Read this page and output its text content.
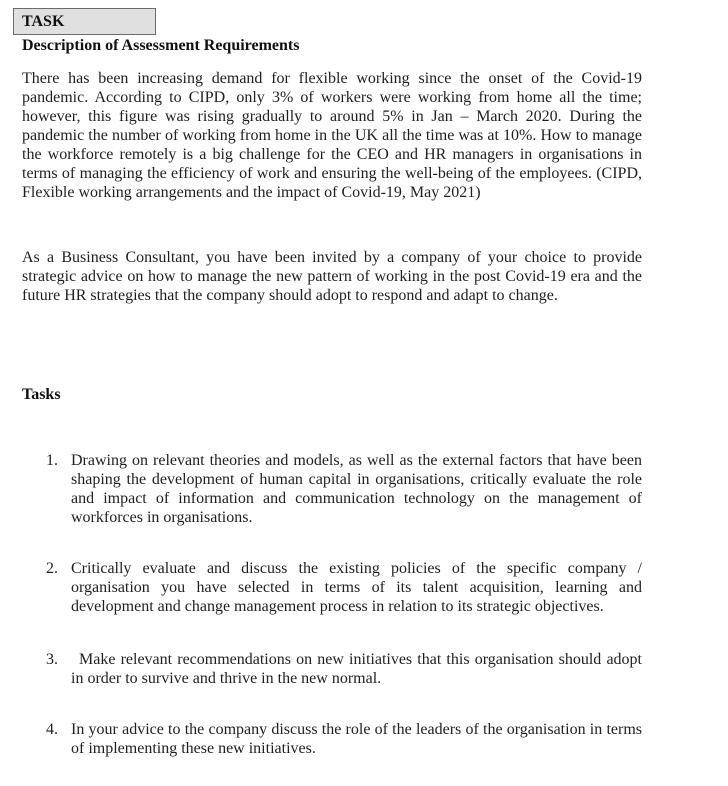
TASK
Description of Assessment Requirements

There has been increasing demand for flexible working since the onset of the Covid-19 pandemic. According to CIPD, only 3% of workers were working from home all the time; however, this figure was rising gradually to around 5% in Jan – March 2020. During the pandemic the number of working from home in the UK all the time was at 10%. How to manage the workforce remotely is a big challenge for the CEO and HR managers in organisations in terms of managing the efficiency of work and ensuring the well-being of the employees. (CIPD, Flexible working arrangements and the impact of Covid-19, May 2021)

As a Business Consultant, you have been invited by a company of your choice to provide strategic advice on how to manage the new pattern of working in the post Covid-19 era and the future HR strategies that the company should adopt to respond and adapt to change.

Tasks
1. Drawing on relevant theories and models, as well as the external factors that have been shaping the development of human capital in organisations, critically evaluate the role and impact of information and communication technology on the management of workforces in organisations.
2. Critically evaluate and discuss the existing policies of the specific company / organisation you have selected in terms of its talent acquisition, learning and development and change management process in relation to its strategic objectives.
3.	Make relevant recommendations on new initiatives that this organisation should adopt in order to survive and thrive in the new normal.
4. In your advice to the company discuss the role of the leaders of the organisation in terms of implementing these new initiatives.
